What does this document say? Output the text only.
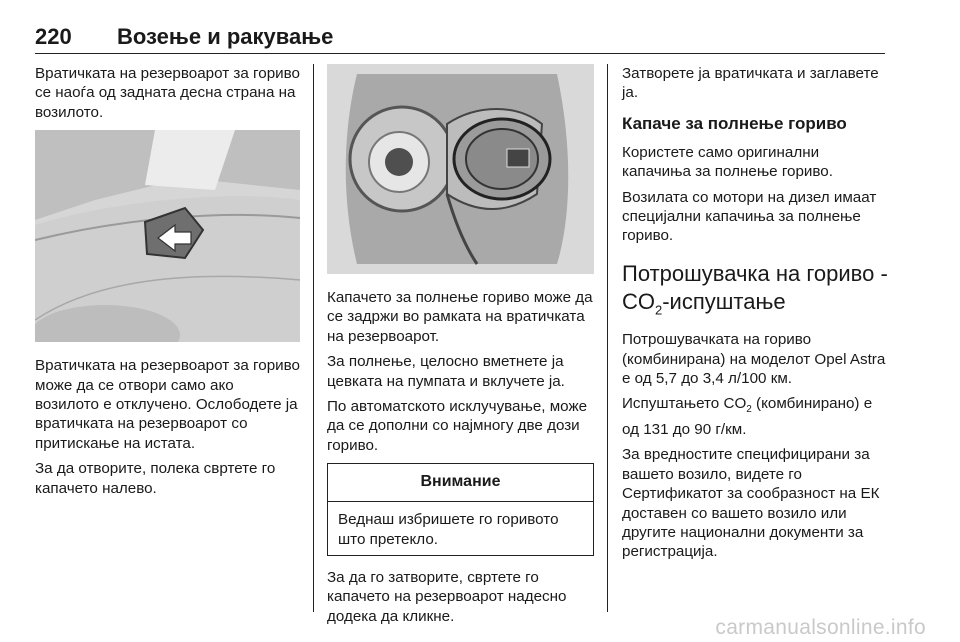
220 Возење и ракување

Вратичката на резервоарот за гориво се наоѓа од задната десна страна на возилото.

Вратичката на резервоарот за гориво може да се отвори само ако возилото е отклучено. Ослободете ја вратичката на резервоарот со притискање на истата.

За да отворите, полека свртете го капачето налево.

Капачето за полнење гориво може да се задржи во рамката на вратичката на резервоарот.

За полнење, целосно вметнете ја цевката на пумпата и вклучете ја.

По автоматското исклучување, може да се дополни со најмногу две дози гориво.

Внимание
Веднаш избришете го горивото што претекло.

За да го затворите, свртете го капачето на резервоарот надесно додека да кликне.

Затворете ја вратичката и заглавете ја.

Капаче за полнење гориво

Користете само оригинални капачиња за полнење гориво.

Возилата со мотори на дизел имаат специјални капачиња за полнење гориво.

Потрошувачка на гориво - $CO_2$-испуштање

Потрошувачката на гориво (комбинирана) на моделот Opel Astra е од 5,7 до 3,4 л/100 км.

Испуштањето $CO_2$ (комбинирано) е од 131 до 90 г/км.

За вредностите специфицирани за вашето возило, видете го Сертификатот за сообразност на ЕК доставен со вашето возило или другите национални документи за регистрација.

carmanualsonline.info
